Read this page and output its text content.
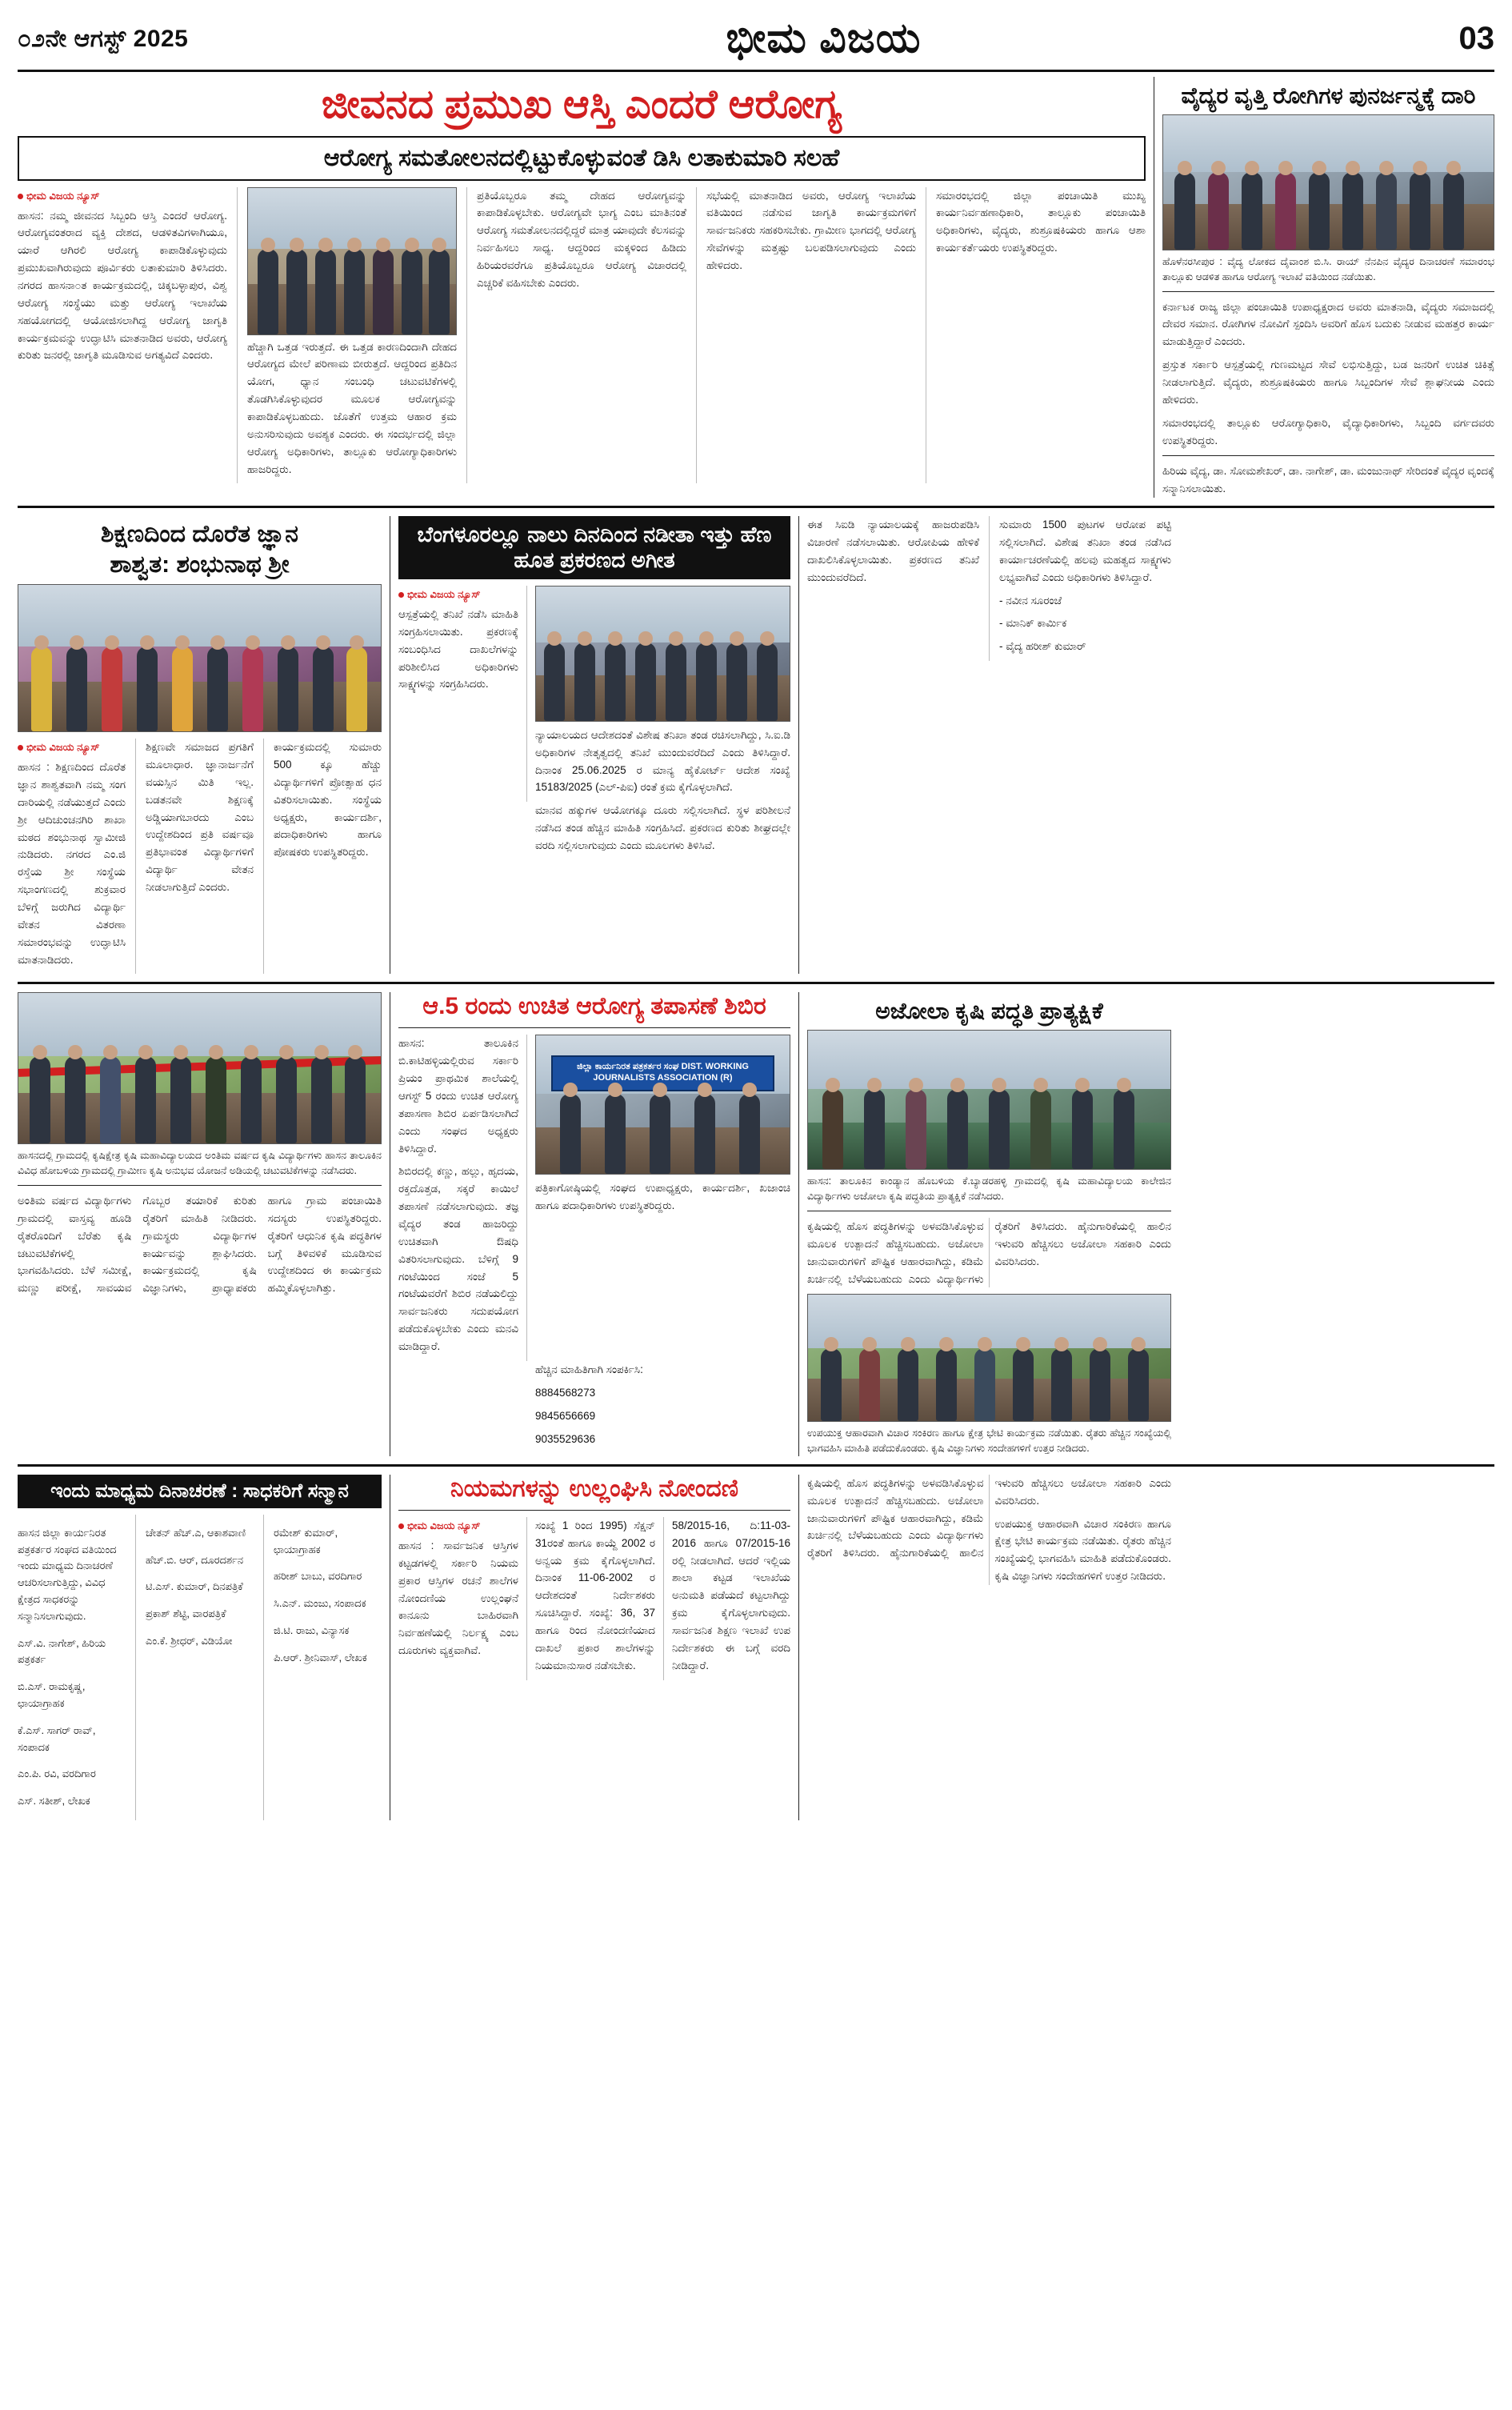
೦೨ನೇ ಆಗಸ್ಟ್ 2025	ಭೀಮ ವಿಜಯ	03
ಜೀವನದ ಪ್ರಮುಖ ಆಸ್ತಿ ಎಂದರೆ ಆರೋಗ್ಯ
ಆರೋಗ್ಯ ಸಮತೋಲನದಲ್ಲಿಟ್ಟುಕೊಳ್ಳುವಂತೆ ಡಿಸಿ ಲತಾಕುಮಾರಿ ಸಲಹೆ
ಭೀಮ ವಿಜಯ ನ್ಯೂಸ್

ಹಾಸನ: ನಮ್ಮ ಜೀವನದ ಸಿಬ್ಬಂದಿ ಆಸ್ತಿ ಎಂದರೆ ಆರೋಗ್ಯ. ಆರೋಗ್ಯವಂತರಾದ ವ್ಯಕ್ತಿ ದೇಶದ, ಆಡಳಿತವಿಗಳಾಗಿಯೂ, ಯಾರೆ ಆಗಿರಲಿ ಆರೋಗ್ಯ ಕಾಪಾಡಿಕೊಳ್ಳುವುದು ಪ್ರಮುಖವಾಗಿರುವುದು ಪೂರ್ವಿಕರು ಲತಾಕುಮಾರಿ ತಿಳಿಸಿದರು. ನಗರದ ಹಾಸನಾ೦ತ ಕಾರ್ಯಕ್ರಮದಲ್ಲಿ, ಚಿಕ್ಕಬಳ್ಳಾಪುರ, ವಿಶ್ವ ಆರೋಗ್ಯ ಸಂಸ್ಥೆಯು ಮತ್ತು ಆರೋಗ್ಯ ಇಲಾಖೆಯ ಸಹಯೋಗದಲ್ಲಿ ಆಯೋಜಿಸಲಾಗಿದ್ದ ಆರೋಗ್ಯ ಜಾಗೃತಿ ಕಾರ್ಯಕ್ರಮವನ್ನು ಉದ್ಘಾಟಿಸಿ ಮಾತನಾಡಿದ ಅವರು, ಆರೋಗ್ಯ ಕುರಿತು ಜನರಲ್ಲಿ ಜಾಗೃತಿ ಮೂಡಿಸುವ ಅಗತ್ಯವಿದೆ ಎಂದರು.

ಹೆಚ್ಚಾಗಿ ಒತ್ತಡ ಇರುತ್ತದೆ. ಈ ಒತ್ತಡ ಕಾರಣದಿಂದಾಗಿ ದೇಹದ ಆರೋಗ್ಯದ ಮೇಲೆ ಪರಿಣಾಮ ಬೀರುತ್ತದೆ. ಆದ್ದರಿಂದ ಪ್ರತಿದಿನ ಯೋಗ, ಧ್ಯಾನ ಸಂಬಂಧಿ ಚಟುವಟಿಕೆಗಳಲ್ಲಿ ತೊಡಗಿಸಿಕೊಳ್ಳುವುದರ ಮೂಲಕ ಆರೋಗ್ಯವನ್ನು ಕಾಪಾಡಿಕೊಳ್ಳಬಹುದು. ಜೊತೆಗೆ ಉತ್ತಮ ಆಹಾರ ಕ್ರಮ ಅನುಸರಿಸುವುದು ಅವಶ್ಯಕ ಎಂದರು. ಈ ಸಂದರ್ಭದಲ್ಲಿ ಜಿಲ್ಲಾ ಆರೋಗ್ಯ ಅಧಿಕಾರಿಗಳು, ತಾಲ್ಲೂಕು ಆರೋಗ್ಯಾಧಿಕಾರಿಗಳು ಹಾಜರಿದ್ದರು.

ಪ್ರತಿಯೊಬ್ಬರೂ ತಮ್ಮ ದೇಹದ ಆರೋಗ್ಯವನ್ನು ಕಾಪಾಡಿಕೊಳ್ಳಬೇಕು. ಆರೋಗ್ಯವೇ ಭಾಗ್ಯ ಎಂಬ ಮಾತಿನಂತೆ ಆರೋಗ್ಯ ಸಮತೋಲನದಲ್ಲಿದ್ದರೆ ಮಾತ್ರ ಯಾವುದೇ ಕೆಲಸವನ್ನು ನಿರ್ವಹಿಸಲು ಸಾಧ್ಯ. ಆದ್ದರಿಂದ ಮಕ್ಕಳಿಂದ ಹಿಡಿದು ಹಿರಿಯರವರೆಗೂ ಪ್ರತಿಯೊಬ್ಬರೂ ಆರೋಗ್ಯ ವಿಚಾರದಲ್ಲಿ ಎಚ್ಚರಿಕೆ ವಹಿಸಬೇಕು ಎಂದರು.

ಸಭೆಯಲ್ಲಿ ಮಾತನಾಡಿದ ಅವರು, ಆರೋಗ್ಯ ಇಲಾಖೆಯ ವತಿಯಿಂದ ನಡೆಸುವ ಜಾಗೃತಿ ಕಾರ್ಯಕ್ರಮಗಳಿಗೆ ಸಾರ್ವಜನಿಕರು ಸಹಕರಿಸಬೇಕು. ಗ್ರಾಮೀಣ ಭಾಗದಲ್ಲಿ ಆರೋಗ್ಯ ಸೇವೆಗಳನ್ನು ಮತ್ತಷ್ಟು ಬಲಪಡಿಸಲಾಗುವುದು ಎಂದು ಹೇಳಿದರು.

ಸಮಾರಂಭದಲ್ಲಿ ಜಿಲ್ಲಾ ಪಂಚಾಯಿತಿ ಮುಖ್ಯ ಕಾರ್ಯನಿರ್ವಹಣಾಧಿಕಾರಿ, ತಾಲ್ಲೂಕು ಪಂಚಾಯಿತಿ ಅಧಿಕಾರಿಗಳು, ವೈದ್ಯರು, ಶುಶ್ರೂಷಕಿಯರು ಹಾಗೂ ಆಶಾ ಕಾರ್ಯಕರ್ತೆಯರು ಉಪಸ್ಥಿತರಿದ್ದರು.

ವೈದ್ಯರ ವೃತ್ತಿ ರೋಗಿಗಳ ಪುನರ್ಜನ್ಮಕ್ಕೆ ದಾರಿ
ಹೊಳೆನರಸೀಪುರ : ವೈದ್ಯ ಲೋಕದ ದೈವಾಂಶ ಬಿ.ಸಿ. ರಾಯ್ ನೆನಪಿನ ವೈದ್ಯರ ದಿನಾಚರಣೆ ಸಮಾರಂಭ ತಾಲ್ಲೂಕು ಆಡಳಿತ ಹಾಗೂ ಆರೋಗ್ಯ ಇಲಾಖೆ ವತಿಯಿಂದ ನಡೆಯಿತು.

ಕರ್ನಾಟಕ ರಾಜ್ಯ ಜಿಲ್ಲಾ ಪಂಚಾಯಿತಿ ಉಪಾಧ್ಯಕ್ಷರಾದ ಅವರು ಮಾತನಾಡಿ, ವೈದ್ಯರು ಸಮಾಜದಲ್ಲಿ ದೇವರ ಸಮಾನ. ರೋಗಿಗಳ ನೋವಿಗೆ ಸ್ಪಂದಿಸಿ ಅವರಿಗೆ ಹೊಸ ಬದುಕು ನೀಡುವ ಮಹತ್ತರ ಕಾರ್ಯ ಮಾಡುತ್ತಿದ್ದಾರೆ ಎಂದರು.

ಪ್ರಸ್ತುತ ಸರ್ಕಾರಿ ಆಸ್ಪತ್ರೆಯಲ್ಲಿ ಗುಣಮಟ್ಟದ ಸೇವೆ ಲಭಿಸುತ್ತಿದ್ದು, ಬಡ ಜನರಿಗೆ ಉಚಿತ ಚಿಕಿತ್ಸೆ ನೀಡಲಾಗುತ್ತಿದೆ. ವೈದ್ಯರು, ಶುಶ್ರೂಷಕಿಯರು ಹಾಗೂ ಸಿಬ್ಬಂದಿಗಳ ಸೇವೆ ಶ್ಲಾಘನೀಯ ಎಂದು ಹೇಳಿದರು.

ಸಮಾರಂಭದಲ್ಲಿ ತಾಲ್ಲೂಕು ಆರೋಗ್ಯಾಧಿಕಾರಿ, ವೈದ್ಯಾಧಿಕಾರಿಗಳು, ಸಿಬ್ಬಂದಿ ವರ್ಗದವರು ಉಪಸ್ಥಿತರಿದ್ದರು.

ಹಿರಿಯ ವೈದ್ಯ, ಡಾ. ಸೋಮಶೇಖರ್, ಡಾ. ನಾಗೇಶ್, ಡಾ. ಮಂಜುನಾಥ್ ಸೇರಿದಂತೆ ವೈದ್ಯರ ವೃಂದಕ್ಕೆ ಸನ್ಮಾನಿಸಲಾಯಿತು.
ಶಿಕ್ಷಣದಿಂದ ದೊರೆತ ಜ್ಞಾನ
ಶಾಶ್ವತ: ಶಂಭುನಾಥ ಶ್ರೀ
ಭೀಮ ವಿಜಯ ನ್ಯೂಸ್

ಹಾಸನ : ಶಿಕ್ಷಣದಿಂದ ದೊರೆತ ಜ್ಞಾನ ಶಾಶ್ವತವಾಗಿ ನಮ್ಮ ಸಂಗ ದಾರಿಯಲ್ಲಿ ನಡೆಯುತ್ತದೆ ಎಂದು ಶ್ರೀ ಆದಿಚುಂಚನಗಿರಿ ಶಾಖಾ ಮಠದ ಶಂಭುನಾಥ ಸ್ವಾಮೀಜಿ ನುಡಿದರು. ನಗರದ ಎಂ.ಜಿ ರಸ್ತೆಯ ಶ್ರೀ ಸಂಸ್ಥೆಯ ಸಭಾಂಗಣದಲ್ಲಿ ಶುಕ್ರವಾರ ಬೆಳಿಗ್ಗೆ ಜರುಗಿದ ವಿದ್ಯಾರ್ಥಿ ವೇತನ ವಿತರಣಾ ಸಮಾರಂಭವನ್ನು ಉದ್ಘಾಟಿಸಿ ಮಾತನಾಡಿದರು.

ಶಿಕ್ಷಣವೇ ಸಮಾಜದ ಪ್ರಗತಿಗೆ ಮೂಲಾಧಾರ. ಜ್ಞಾನಾರ್ಜನೆಗೆ ವಯಸ್ಸಿನ ಮಿತಿ ಇಲ್ಲ. ಬಡತನವೇ ಶಿಕ್ಷಣಕ್ಕೆ ಅಡ್ಡಿಯಾಗಬಾರದು ಎಂಬ ಉದ್ದೇಶದಿಂದ ಪ್ರತಿ ವರ್ಷವೂ ಪ್ರತಿಭಾವಂತ ವಿದ್ಯಾರ್ಥಿಗಳಿಗೆ ವಿದ್ಯಾರ್ಥಿ ವೇತನ ನೀಡಲಾಗುತ್ತಿದೆ ಎಂದರು.

ಕಾರ್ಯಕ್ರಮದಲ್ಲಿ ಸುಮಾರು 500 ಕ್ಕೂ ಹೆಚ್ಚು ವಿದ್ಯಾರ್ಥಿಗಳಿಗೆ ಪ್ರೋತ್ಸಾಹ ಧನ ವಿತರಿಸಲಾಯಿತು. ಸಂಸ್ಥೆಯ ಅಧ್ಯಕ್ಷರು, ಕಾರ್ಯದರ್ಶಿ, ಪದಾಧಿಕಾರಿಗಳು ಹಾಗೂ ಪೋಷಕರು ಉಪಸ್ಥಿತರಿದ್ದರು.

ಬೆಂಗಳೂರಲ್ಲೂ ನಾಲು ದಿನದಿಂದ ನಡೀತಾ ಇತ್ತು ಹೆಣ ಹೂತ ಪ್ರಕರಣದ ಅಗೀತ
ಭೀಮ ವಿಜಯ ನ್ಯೂಸ್

ಆಸ್ಪತ್ರೆಯಲ್ಲಿ ತನಿಖೆ ನಡೆಸಿ ಮಾಹಿತಿ ಸಂಗ್ರಹಿಸಲಾಯಿತು. ಪ್ರಕರಣಕ್ಕೆ ಸಂಬಂಧಿಸಿದ ದಾಖಲೆಗಳನ್ನು ಪರಿಶೀಲಿಸಿದ ಅಧಿಕಾರಿಗಳು ಸಾಕ್ಷ್ಯಗಳನ್ನು ಸಂಗ್ರಹಿಸಿದರು.

ನ್ಯಾಯಾಲಯದ ಆದೇಶದಂತೆ ವಿಶೇಷ ತನಿಖಾ ತಂಡ ರಚಿಸಲಾಗಿದ್ದು, ಸಿ.ಐ.ಡಿ ಅಧಿಕಾರಿಗಳ ನೇತೃತ್ವದಲ್ಲಿ ತನಿಖೆ ಮುಂದುವರೆದಿದೆ ಎಂದು ತಿಳಿಸಿದ್ದಾರೆ. ದಿನಾಂಕ 25.06.2025 ರ ಮಾನ್ಯ ಹೈಕೋರ್ಟ್ ಆದೇಶ ಸಂಖ್ಯೆ 15183/2025 (ಎಲ್-ಪಿಐ) ರಂತೆ ಕ್ರಮ ಕೈಗೊಳ್ಳಲಾಗಿದೆ.

ಮಾನವ ಹಕ್ಕುಗಳ ಆಯೋಗಕ್ಕೂ ದೂರು ಸಲ್ಲಿಸಲಾಗಿದೆ. ಸ್ಥಳ ಪರಿಶೀಲನೆ ನಡೆಸಿದ ತಂಡ ಹೆಚ್ಚಿನ ಮಾಹಿತಿ ಸಂಗ್ರಹಿಸಿದೆ. ಪ್ರಕರಣದ ಕುರಿತು ಶೀಘ್ರದಲ್ಲೇ ವರದಿ ಸಲ್ಲಿಸಲಾಗುವುದು ಎಂದು ಮೂಲಗಳು ತಿಳಿಸಿವೆ.

ಈತ ಸಿಐಡಿ ನ್ಯಾಯಾಲಯಕ್ಕೆ ಹಾಜರುಪಡಿಸಿ ವಿಚಾರಣೆ ನಡೆಸಲಾಯಿತು. ಆರೋಪಿಯ ಹೇಳಿಕೆ ದಾಖಲಿಸಿಕೊಳ್ಳಲಾಯಿತು. ಪ್ರಕರಣದ ತನಿಖೆ ಮುಂದುವರೆದಿದೆ.

ಸುಮಾರು 1500 ಪುಟಗಳ ಆರೋಪ ಪಟ್ಟಿ ಸಲ್ಲಿಸಲಾಗಿದೆ. ವಿಶೇಷ ತನಿಖಾ ತಂಡ ನಡೆಸಿದ ಕಾರ್ಯಾಚರಣೆಯಲ್ಲಿ ಹಲವು ಮಹತ್ವದ ಸಾಕ್ಷ್ಯಗಳು ಲಭ್ಯವಾಗಿವೆ ಎಂದು ಅಧಿಕಾರಿಗಳು ತಿಳಿಸಿದ್ದಾರೆ.

- ನವೀನ ಸೂರಂಜೆ

- ಮಾನಿಕ್ ಕಾರ್ಮಿಕ

- ವೈದ್ಯ ಹರೀಶ್ ಕುಮಾರ್

ಹಾಸನದಲ್ಲಿ ಗ್ರಾಮದಲ್ಲಿ ಕೃಷಿಕ್ಷೇತ್ರ ಕೃಷಿ ಮಹಾವಿದ್ಯಾಲಯದ ಅಂತಿಮ ವರ್ಷದ ಕೃಷಿ ವಿದ್ಯಾರ್ಥಿಗಳು ಹಾಸನ ತಾಲೂಕಿನ ವಿವಿಧ ಹೋಬಳಿಯ ಗ್ರಾಮದಲ್ಲಿ ಗ್ರಾಮೀಣ ಕೃಷಿ ಅನುಭವ ಯೋಜನೆ ಅಡಿಯಲ್ಲಿ ಚಟುವಟಿಕೆಗಳನ್ನು ನಡೆಸಿದರು.

ಅಂತಿಮ ವರ್ಷದ ವಿದ್ಯಾರ್ಥಿಗಳು ಗ್ರಾಮದಲ್ಲಿ ವಾಸ್ತವ್ಯ ಹೂಡಿ ರೈತರೊಂದಿಗೆ ಬೆರೆತು ಕೃಷಿ ಚಟುವಟಿಕೆಗಳಲ್ಲಿ ಭಾಗವಹಿಸಿದರು. ಬೆಳೆ ಸಮೀಕ್ಷೆ, ಮಣ್ಣು ಪರೀಕ್ಷೆ, ಸಾವಯವ ಗೊಬ್ಬರ ತಯಾರಿಕೆ ಕುರಿತು ರೈತರಿಗೆ ಮಾಹಿತಿ ನೀಡಿದರು. ಗ್ರಾಮಸ್ಥರು ವಿದ್ಯಾರ್ಥಿಗಳ ಕಾರ್ಯವನ್ನು ಶ್ಲಾಘಿಸಿದರು. ಕಾರ್ಯಕ್ರಮದಲ್ಲಿ ಕೃಷಿ ವಿಜ್ಞಾನಿಗಳು, ಪ್ರಾಧ್ಯಾಪಕರು ಹಾಗೂ ಗ್ರಾಮ ಪಂಚಾಯಿತಿ ಸದಸ್ಯರು ಉಪಸ್ಥಿತರಿದ್ದರು. ರೈತರಿಗೆ ಆಧುನಿಕ ಕೃಷಿ ಪದ್ಧತಿಗಳ ಬಗ್ಗೆ ತಿಳಿವಳಿಕೆ ಮೂಡಿಸುವ ಉದ್ದೇಶದಿಂದ ಈ ಕಾರ್ಯಕ್ರಮ ಹಮ್ಮಿಕೊಳ್ಳಲಾಗಿತ್ತು.

ಆ.5 ರಂದು ಉಚಿತ ಆರೋಗ್ಯ ತಪಾಸಣೆ ಶಿಬಿರ

ಹಾಸನ: ತಾಲೂಕಿನ ಬಿ.ಕಾಟಿಹಳ್ಳಿಯಲ್ಲಿರುವ ಸರ್ಕಾರಿ ಪ್ರಿಯಂ ಪ್ರಾಥಮಿಕ ಶಾಲೆಯಲ್ಲಿ ಆಗಸ್ಟ್ 5 ರಂದು ಉಚಿತ ಆರೋಗ್ಯ ತಪಾಸಣಾ ಶಿಬಿರ ಏರ್ಪಡಿಸಲಾಗಿದೆ ಎಂದು ಸಂಘದ ಅಧ್ಯಕ್ಷರು ತಿಳಿಸಿದ್ದಾರೆ.

ಶಿಬಿರದಲ್ಲಿ ಕಣ್ಣು, ಹಲ್ಲು, ಹೃದಯ, ರಕ್ತದೊತ್ತಡ, ಸಕ್ಕರೆ ಕಾಯಿಲೆ ತಪಾಸಣೆ ನಡೆಸಲಾಗುವುದು. ತಜ್ಞ ವೈದ್ಯರ ತಂಡ ಹಾಜರಿದ್ದು ಉಚಿತವಾಗಿ ಔಷಧಿ ವಿತರಿಸಲಾಗುವುದು. ಬೆಳಿಗ್ಗೆ 9 ಗಂಟೆಯಿಂದ ಸಂಜೆ 5 ಗಂಟೆಯವರೆಗೆ ಶಿಬಿರ ನಡೆಯಲಿದ್ದು ಸಾರ್ವಜನಿಕರು ಸದುಪಯೋಗ ಪಡೆದುಕೊಳ್ಳಬೇಕು ಎಂದು ಮನವಿ ಮಾಡಿದ್ದಾರೆ.

ಜಿಲ್ಲಾ ಕಾರ್ಯನಿರತ ಪತ್ರಕರ್ತರ ಸಂಘ DIST. WORKING JOURNALISTS ASSOCIATION (R)

ಪತ್ರಿಕಾಗೋಷ್ಠಿಯಲ್ಲಿ ಸಂಘದ ಉಪಾಧ್ಯಕ್ಷರು, ಕಾರ್ಯದರ್ಶಿ, ಖಜಾಂಚಿ ಹಾಗೂ ಪದಾಧಿಕಾರಿಗಳು ಉಪಸ್ಥಿತರಿದ್ದರು.

ಹೆಚ್ಚಿನ ಮಾಹಿತಿಗಾಗಿ ಸಂಪರ್ಕಿಸಿ:

8884568273

9845656669

9035529636

ಅಜೋಲಾ ಕೃಷಿ ಪದ್ಧತಿ ಪ್ರಾತ್ಯಕ್ಷಿಕೆ
ಹಾಸನ: ತಾಲೂಕಿನ ಕಾಂಡ್ಯಾನ ಹೊಬಳಿಯ ಕೆ.ಬ್ಯಾಡರಹಳ್ಳಿ ಗ್ರಾಮದಲ್ಲಿ ಕೃಷಿ ಮಹಾವಿದ್ಯಾಲಯ ಕಾಲೇಜಿನ ವಿದ್ಯಾರ್ಥಿಗಳು ಅಜೋಲಾ ಕೃಷಿ ಪದ್ಧತಿಯ ಪ್ರಾತ್ಯಕ್ಷಿಕೆ ನಡೆಸಿದರು.

ಕೃಷಿಯಲ್ಲಿ ಹೊಸ ಪದ್ಧತಿಗಳನ್ನು ಅಳವಡಿಸಿಕೊಳ್ಳುವ ಮೂಲಕ ಉತ್ಪಾದನೆ ಹೆಚ್ಚಿಸಬಹುದು. ಅಜೋಲಾ ಜಾನುವಾರುಗಳಿಗೆ ಪೌಷ್ಟಿಕ ಆಹಾರವಾಗಿದ್ದು, ಕಡಿಮೆ ಖರ್ಚಿನಲ್ಲಿ ಬೆಳೆಯಬಹುದು ಎಂದು ವಿದ್ಯಾರ್ಥಿಗಳು ರೈತರಿಗೆ ತಿಳಿಸಿದರು. ಹೈನುಗಾರಿಕೆಯಲ್ಲಿ ಹಾಲಿನ ಇಳುವರಿ ಹೆಚ್ಚಿಸಲು ಅಜೋಲಾ ಸಹಕಾರಿ ಎಂದು ವಿವರಿಸಿದರು.

ಉಪಯುಕ್ತ ಆಹಾರವಾಗಿ ವಿಚಾರ ಸಂಕಿರಣ ಹಾಗೂ ಕ್ಷೇತ್ರ ಭೇಟಿ ಕಾರ್ಯಕ್ರಮ ನಡೆಯಿತು. ರೈತರು ಹೆಚ್ಚಿನ ಸಂಖ್ಯೆಯಲ್ಲಿ ಭಾಗವಹಿಸಿ ಮಾಹಿತಿ ಪಡೆದುಕೊಂಡರು. ಕೃಷಿ ವಿಜ್ಞಾನಿಗಳು ಸಂದೇಹಗಳಿಗೆ ಉತ್ತರ ನೀಡಿದರು.
ಇಂದು ಮಾಧ್ಯಮ ದಿನಾಚರಣೆ : ಸಾಧಕರಿಗೆ ಸನ್ಮಾನ

ಹಾಸನ ಜಿಲ್ಲಾ ಕಾರ್ಯನಿರತ ಪತ್ರಕರ್ತರ ಸಂಘದ ವತಿಯಿಂದ ಇಂದು ಮಾಧ್ಯಮ ದಿನಾಚರಣೆ ಆಚರಿಸಲಾಗುತ್ತಿದ್ದು, ವಿವಿಧ ಕ್ಷೇತ್ರದ ಸಾಧಕರನ್ನು ಸನ್ಮಾನಿಸಲಾಗುವುದು.

ಎಸ್.ವಿ. ನಾಗೇಶ್, ಹಿರಿಯ ಪತ್ರಕರ್ತ

ಬಿ.ಎಸ್. ರಾಮಕೃಷ್ಣ, ಛಾಯಾಗ್ರಾಹಕ

ಕೆ.ಎಸ್. ಸಾಗರ್ ರಾವ್, ಸಂಪಾದಕ

ಎಂ.ಪಿ. ರವಿ, ವರದಿಗಾರ

ಎಸ್. ಸತೀಶ್, ಲೇಖಕ

ಚೇತನ್ ಹೆಚ್.ಎ, ಆಕಾಶವಾಣಿ

ಹೆಚ್.ಬಿ. ಆರ್, ದೂರದರ್ಶನ

ಟಿ.ಎಸ್. ಕುಮಾರ್, ದಿನಪತ್ರಿಕೆ

ಪ್ರಕಾಶ್ ಶೆಟ್ಟಿ, ವಾರಪತ್ರಿಕೆ

ಎಂ.ಕೆ. ಶ್ರೀಧರ್, ವಿಡಿಯೋ

ರಮೇಶ್ ಕುಮಾರ್, ಛಾಯಾಗ್ರಾಹಕ

ಹರೀಶ್ ಬಾಬು, ವರದಿಗಾರ

ಸಿ.ಎನ್. ಮಂಜು, ಸಂಪಾದಕ

ಜಿ.ಟಿ. ರಾಜು, ವಿನ್ಯಾಸಕ

ಪಿ.ಆರ್. ಶ್ರೀನಿವಾಸ್, ಲೇಖಕ

ನಿಯಮಗಳನ್ನು ಉಲ್ಲಂಘಿಸಿ ನೋಂದಣಿ
ಭೀಮ ವಿಜಯ ನ್ಯೂಸ್

ಹಾಸನ : ಸಾರ್ವಜನಿಕ ಆಸ್ತಿಗಳ ಕಟ್ಟಡಗಳಲ್ಲಿ ಸರ್ಕಾರಿ ನಿಯಮ ಪ್ರಕಾರ ಆಸ್ತಿಗಳ ರಚನೆ ಶಾಲೆಗಳ ನೋಂದಣಿಯ ಉಲ್ಲಂಘನೆ ಕಾನೂನು ಬಾಹಿರವಾಗಿ ನಿರ್ವಹಣೆಯಲ್ಲಿ ನಿರ್ಲಕ್ಷ್ಯ ಎಂಬ ದೂರುಗಳು ವ್ಯಕ್ತವಾಗಿವೆ.

ಸಂಖ್ಯೆ 1 ರಿಂದ 1995) ಸೆಕ್ಷನ್ 31ರಂತೆ ಹಾಗೂ ಕಾಯ್ದೆ 2002 ರ ಅನ್ವಯ ಕ್ರಮ ಕೈಗೊಳ್ಳಲಾಗಿದೆ. ದಿನಾಂಕ 11-06-2002 ರ ಆದೇಶದಂತೆ ನಿರ್ದೇಶಕರು ಸೂಚಿಸಿದ್ದಾರೆ. ಸಂಖ್ಯೆ: 36, 37 ಹಾಗೂ ರಿಂದ ನೋಂದಣಿಯಾದ ದಾಖಲೆ ಪ್ರಕಾರ ಶಾಲೆಗಳನ್ನು ನಿಯಮಾನುಸಾರ ನಡೆಸಬೇಕು.

58/2015-16, ದಿ:11-03-2016 ಹಾಗೂ 07/2015-16 ರಲ್ಲಿ ನೀಡಲಾಗಿದೆ. ಆದರೆ ಇಲ್ಲಿಯ ಶಾಲಾ ಕಟ್ಟಡ ಇಲಾಖೆಯ ಅನುಮತಿ ಪಡೆಯದೆ ಕಟ್ಟಲಾಗಿದ್ದು ಕ್ರಮ ಕೈಗೊಳ್ಳಲಾಗುವುದು. ಸಾರ್ವಜನಿಕ ಶಿಕ್ಷಣ ಇಲಾಖೆ ಉಪ ನಿರ್ದೇಶಕರು ಈ ಬಗ್ಗೆ ವರದಿ ನೀಡಿದ್ದಾರೆ.

ಕೃಷಿಯಲ್ಲಿ ಹೊಸ ಪದ್ಧತಿಗಳನ್ನು ಅಳವಡಿಸಿಕೊಳ್ಳುವ ಮೂಲಕ ಉತ್ಪಾದನೆ ಹೆಚ್ಚಿಸಬಹುದು. ಅಜೋಲಾ ಜಾನುವಾರುಗಳಿಗೆ ಪೌಷ್ಟಿಕ ಆಹಾರವಾಗಿದ್ದು, ಕಡಿಮೆ ಖರ್ಚಿನಲ್ಲಿ ಬೆಳೆಯಬಹುದು ಎಂದು ವಿದ್ಯಾರ್ಥಿಗಳು ರೈತರಿಗೆ ತಿಳಿಸಿದರು. ಹೈನುಗಾರಿಕೆಯಲ್ಲಿ ಹಾಲಿನ ಇಳುವರಿ ಹೆಚ್ಚಿಸಲು ಅಜೋಲಾ ಸಹಕಾರಿ ಎಂದು ವಿವರಿಸಿದರು.

ಉಪಯುಕ್ತ ಆಹಾರವಾಗಿ ವಿಚಾರ ಸಂಕಿರಣ ಹಾಗೂ ಕ್ಷೇತ್ರ ಭೇಟಿ ಕಾರ್ಯಕ್ರಮ ನಡೆಯಿತು. ರೈತರು ಹೆಚ್ಚಿನ ಸಂಖ್ಯೆಯಲ್ಲಿ ಭಾಗವಹಿಸಿ ಮಾಹಿತಿ ಪಡೆದುಕೊಂಡರು. ಕೃಷಿ ವಿಜ್ಞಾನಿಗಳು ಸಂದೇಹಗಳಿಗೆ ಉತ್ತರ ನೀಡಿದರು.
